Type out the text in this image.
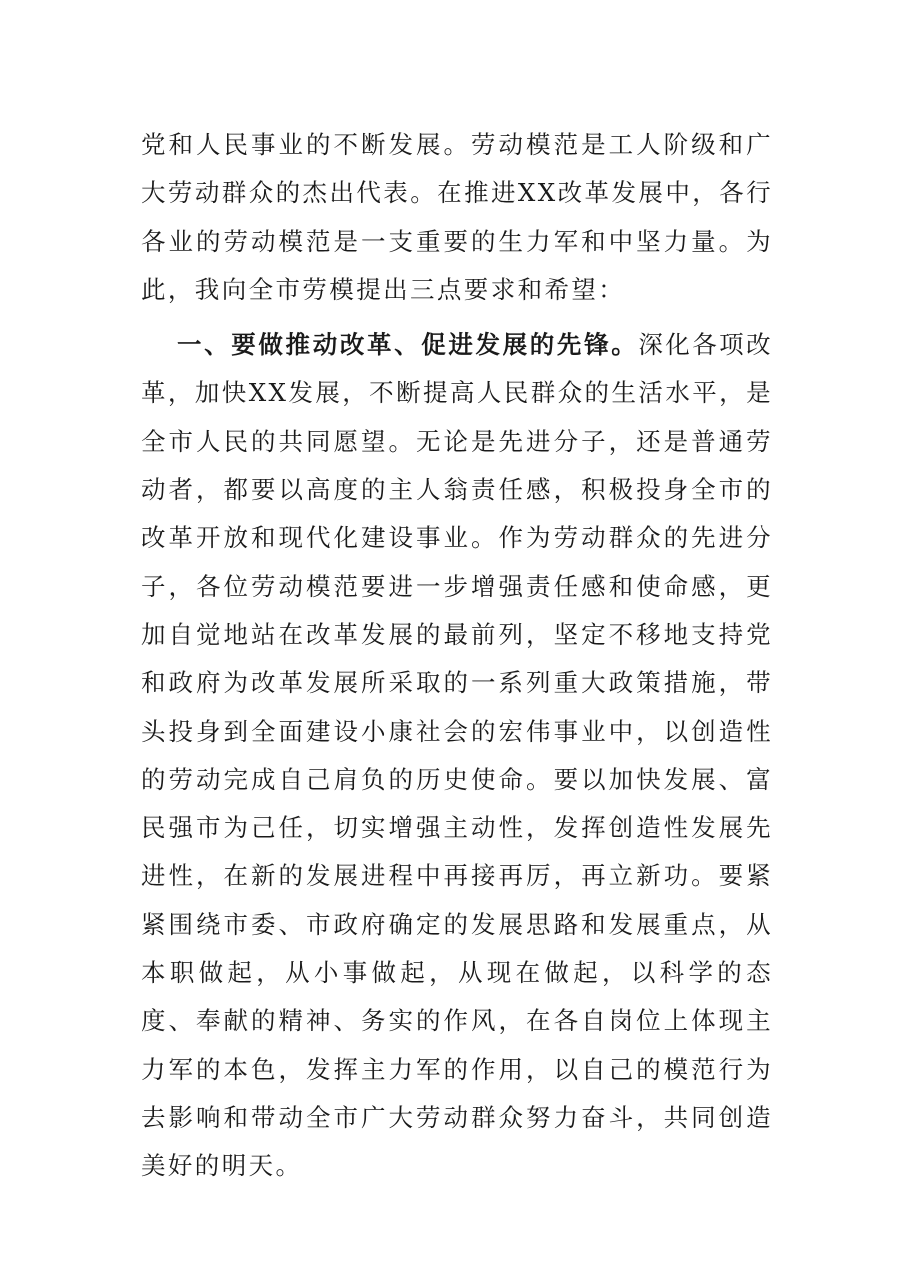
党和人民事业的不断发展。劳动模范是工人阶级和广大劳动群众的杰出代表。在推进XX改革发展中，各行各业的劳动模范是一支重要的生力军和中坚力量。为此，我向全市劳模提出三点要求和希望：

一、要做推动改革、促进发展的先锋。深化各项改革，加快XX发展，不断提高人民群众的生活水平，是全市人民的共同愿望。无论是先进分子，还是普通劳动者，都要以高度的主人翁责任感，积极投身全市的改革开放和现代化建设事业。作为劳动群众的先进分子，各位劳动模范要进一步增强责任感和使命感，更加自觉地站在改革发展的最前列，坚定不移地支持党和政府为改革发展所采取的一系列重大政策措施，带头投身到全面建设小康社会的宏伟事业中，以创造性的劳动完成自己肩负的历史使命。要以加快发展、富民强市为己任，切实增强主动性，发挥创造性发展先进性，在新的发展进程中再接再厉，再立新功。要紧紧围绕市委、市政府确定的发展思路和发展重点，从本职做起，从小事做起，从现在做起，以科学的态度、奉献的精神、务实的作风，在各自岗位上体现主力军的本色，发挥主力军的作用，以自己的模范行为去影响和带动全市广大劳动群众努力奋斗，共同创造美好的明天。
